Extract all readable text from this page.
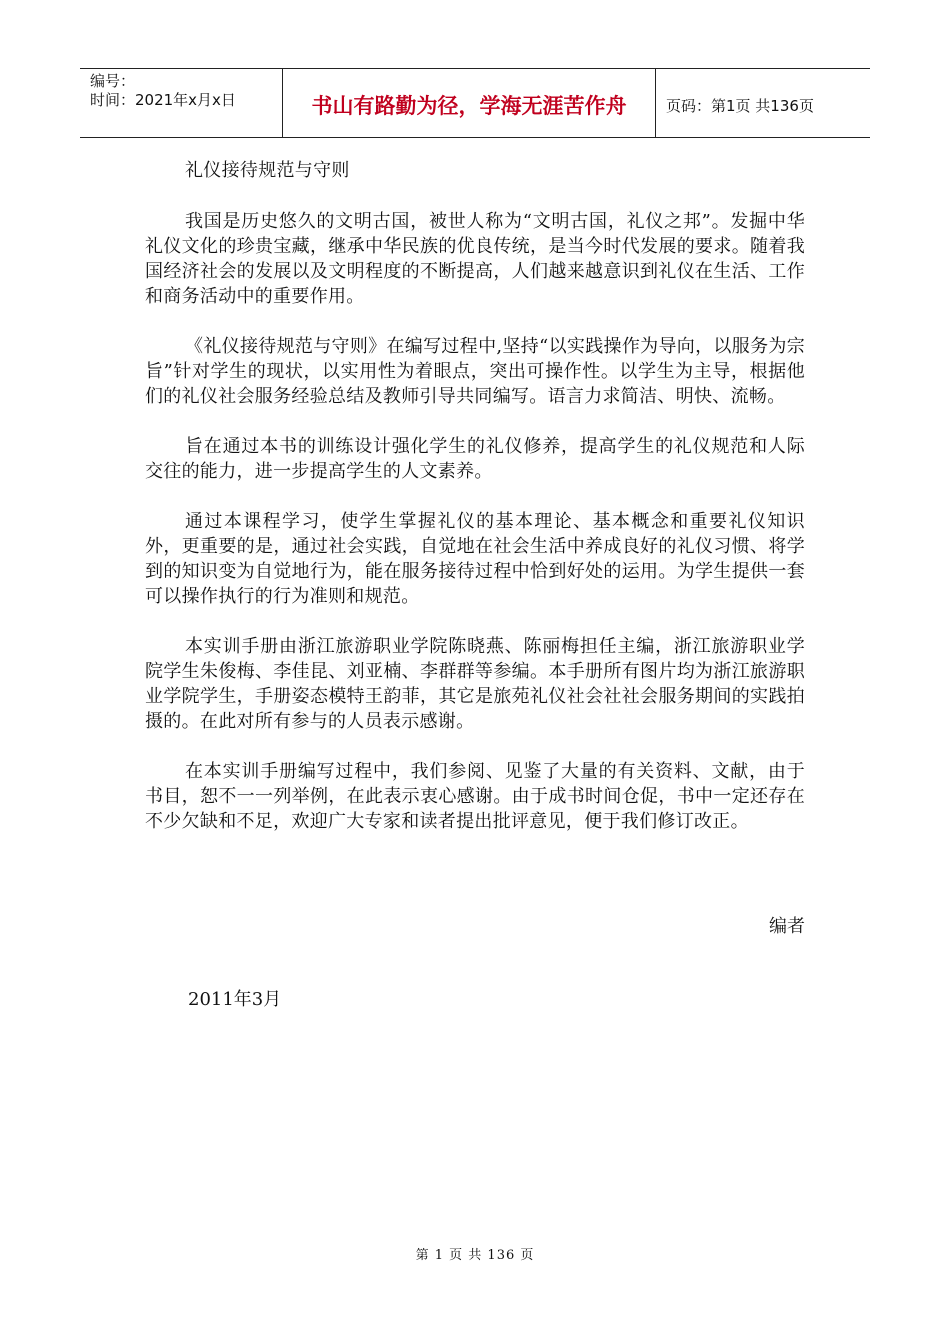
编号：
时间：2021年x月x日	书山有路勤为径，学海无涯苦作舟	页码：第1页 共136页
礼仪接待规范与守则

我国是历史悠久的文明古国，被世人称为“文明古国，礼仪之邦”。发掘中华礼仪文化的珍贵宝藏，继承中华民族的优良传统，是当今时代发展的要求。随着我国经济社会的发展以及文明程度的不断提高，人们越来越意识到礼仪在生活、工作和商务活动中的重要作用。

《礼仪接待规范与守则》在编写过程中,坚持“以实践操作为导向，以服务为宗旨”针对学生的现状，以实用性为着眼点，突出可操作性。以学生为主导，根据他们的礼仪社会服务经验总结及教师引导共同编写。语言力求简洁、明快、流畅。

旨在通过本书的训练设计强化学生的礼仪修养，提高学生的礼仪规范和人际交往的能力，进一步提高学生的人文素养。

通过本课程学习，使学生掌握礼仪的基本理论、基本概念和重要礼仪知识外，更重要的是，通过社会实践，自觉地在社会生活中养成良好的礼仪习惯、将学到的知识变为自觉地行为，能在服务接待过程中恰到好处的运用。为学生提供一套可以操作执行的行为准则和规范。

本实训手册由浙江旅游职业学院陈晓燕、陈丽梅担任主编，浙江旅游职业学院学生朱俊梅、李佳昆、刘亚楠、李群群等参编。本手册所有图片均为浙江旅游职业学院学生，手册姿态模特王韵菲，其它是旅苑礼仪社会社社会服务期间的实践拍摄的。在此对所有参与的人员表示感谢。

在本实训手册编写过程中，我们参阅、见鉴了大量的有关资料、文献，由于书目，恕不一一列举例，在此表示衷心感谢。由于成书时间仓促，书中一定还存在不少欠缺和不足，欢迎广大专家和读者提出批评意见，便于我们修订改正。

编者
2011年3月
第 1 页 共 136 页
